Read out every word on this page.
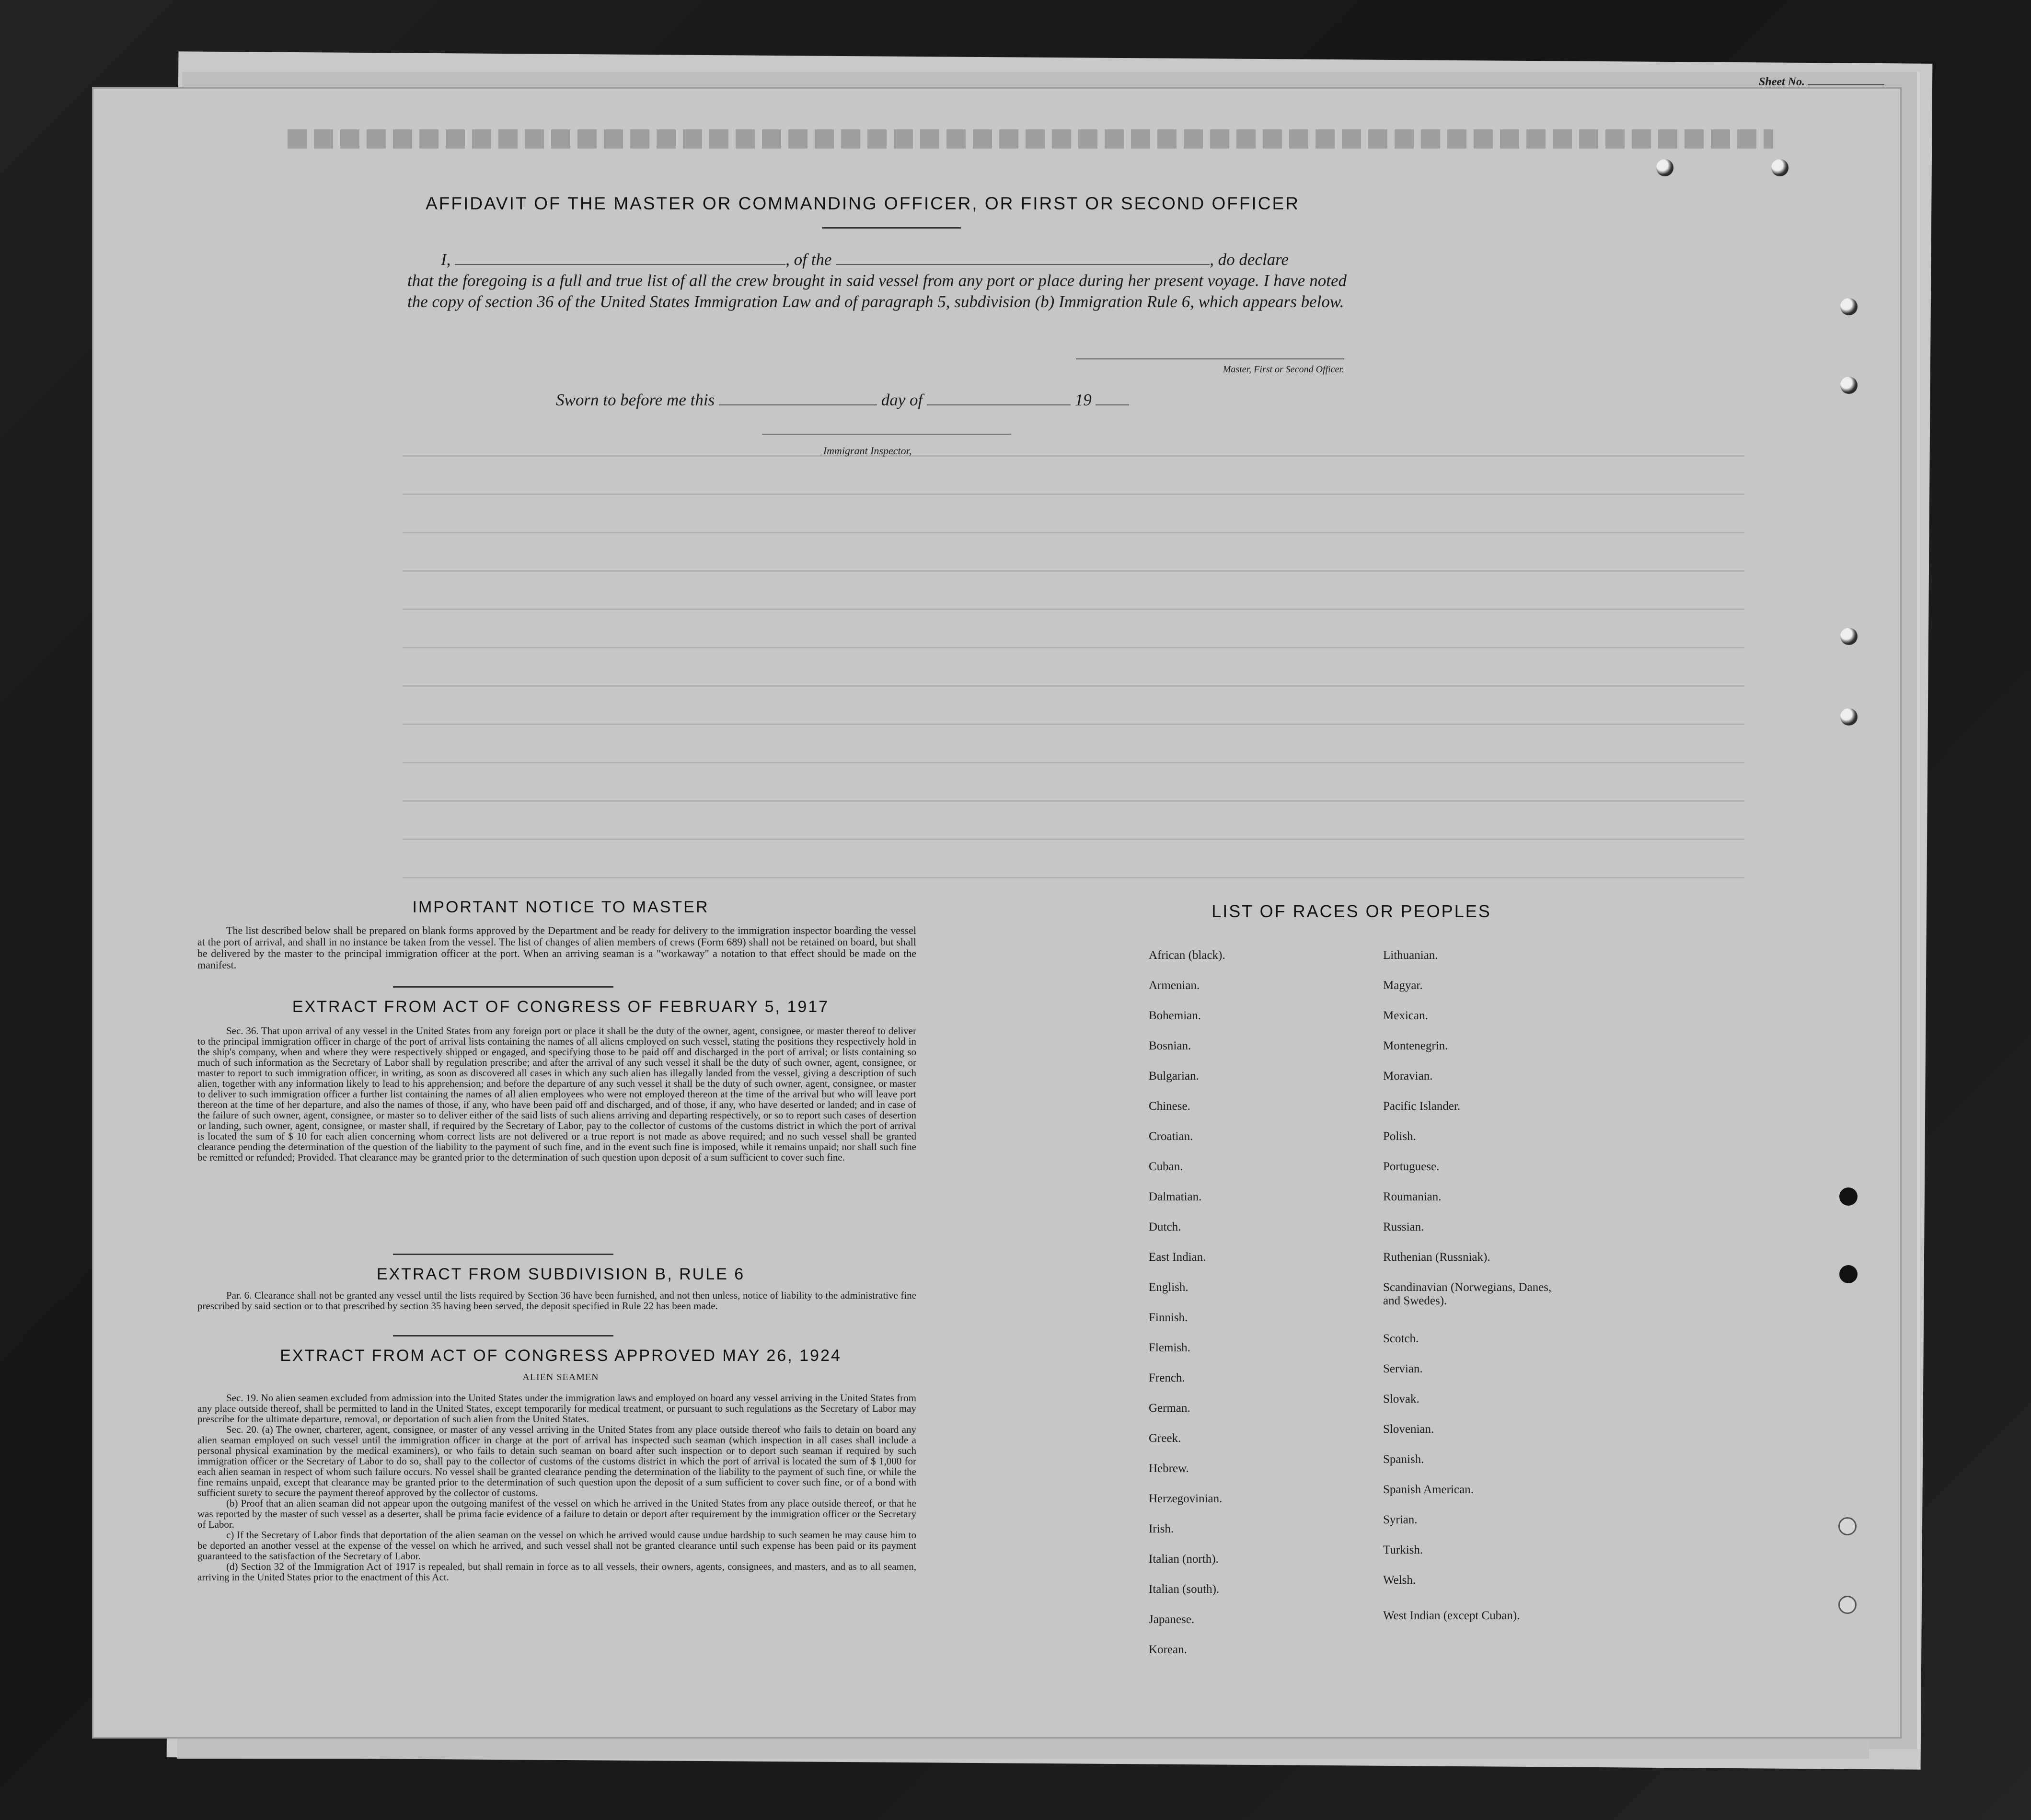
Sheet No.
AFFIDAVIT OF THE MASTER OR COMMANDING OFFICER, OR FIRST OR SECOND OFFICER
I,	, of the	, do declare
that the foregoing is a full and true list of all the crew brought in said vessel from any port or place during her present voyage. I have noted the copy of section 36 of the United States Immigration Law and of paragraph 5, subdivision (b) Immigration Rule 6, which appears below.
Master, First or Second Officer.
Sworn to before me this	day of	19
Immigrant Inspector,
IMPORTANT NOTICE TO MASTER
The list described below shall be prepared on blank forms approved by the Department and be ready for delivery to the immigration inspector boarding the vessel at the port of arrival, and shall in no instance be taken from the vessel. The list of changes of alien members of crews (Form 689) shall not be retained on board, but shall be delivered by the master to the principal immigration officer at the port. When an arriving seaman is a "workaway" a notation to that effect should be made on the manifest.
EXTRACT FROM ACT OF CONGRESS OF FEBRUARY 5, 1917

Sec. 36. That upon arrival of any vessel in the United States from any foreign port or place it shall be the duty of the owner, agent, consignee, or master thereof to deliver to the principal immigration officer in charge of the port of arrival lists containing the names of all aliens employed on such vessel, stating the positions they respectively hold in the ship's company, when and where they were respectively shipped or engaged, and specifying those to be paid off and discharged in the port of arrival; or lists containing so much of such information as the Secretary of Labor shall by regulation prescribe; and after the arrival of any such vessel it shall be the duty of such owner, agent, consignee, or master to report to such immigration officer, in writing, as soon as discovered all cases in which any such alien has illegally landed from the vessel, giving a description of such alien, together with any information likely to lead to his apprehension; and before the departure of any such vessel it shall be the duty of such owner, agent, consignee, or master to deliver to such immigration officer a further list containing the names of all alien employees who were not employed thereon at the time of the arrival but who will leave port thereon at the time of her departure, and also the names of those, if any, who have been paid off and discharged, and of those, if any, who have deserted or landed; and in case of the failure of such owner, agent, consignee, or master so to deliver either of the said lists of such aliens arriving and departing respectively, or so to report such cases of desertion or landing, such owner, agent, consignee, or master shall, if required by the Secretary of Labor, pay to the collector of customs of the customs district in which the port of arrival is located the sum of $ 10 for each alien concerning whom correct lists are not delivered or a true report is not made as above required; and no such vessel shall be granted clearance pending the determination of the question of the liability to the payment of such fine, and in the event such fine is imposed, while it remains unpaid; nor shall such fine be remitted or refunded; Provided. That clearance may be granted prior to the determination of such question upon deposit of a sum sufficient to cover such fine.

EXTRACT FROM SUBDIVISION B, RULE 6

Par. 6. Clearance shall not be granted any vessel until the lists required by Section 36 have been furnished, and not then unless, notice of liability to the administrative fine prescribed by said section or to that prescribed by section 35 having been served, the deposit specified in Rule 22 has been made.

EXTRACT FROM ACT OF CONGRESS APPROVED MAY 26, 1924
ALIEN SEAMEN

Sec. 19. No alien seamen excluded from admission into the United States under the immigration laws and employed on board any vessel arriving in the United States from any place outside thereof, shall be permitted to land in the United States, except temporarily for medical treatment, or pursuant to such regulations as the Secretary of Labor may prescribe for the ultimate departure, removal, or deportation of such alien from the United States.

Sec. 20. (a) The owner, charterer, agent, consignee, or master of any vessel arriving in the United States from any place outside thereof who fails to detain on board any alien seaman employed on such vessel until the immigration officer in charge at the port of arrival has inspected such seaman (which inspection in all cases shall include a personal physical examination by the medical examiners), or who fails to detain such seaman on board after such inspection or to deport such seaman if required by such immigration officer or the Secretary of Labor to do so, shall pay to the collector of customs of the customs district in which the port of arrival is located the sum of $ 1,000 for each alien seaman in respect of whom such failure occurs. No vessel shall be granted clearance pending the determination of the liability to the payment of such fine, or while the fine remains unpaid, except that clearance may be granted prior to the determination of such question upon the deposit of a sum sufficient to cover such fine, or of a bond with sufficient surety to secure the payment thereof approved by the collector of customs.

(b) Proof that an alien seaman did not appear upon the outgoing manifest of the vessel on which he arrived in the United States from any place outside thereof, or that he was reported by the master of such vessel as a deserter, shall be prima facie evidence of a failure to detain or deport after requirement by the immigration officer or the Secretary of Labor.

c) If the Secretary of Labor finds that deportation of the alien seaman on the vessel on which he arrived would cause undue hardship to such seamen he may cause him to be deported an another vessel at the expense of the vessel on which he arrived, and such vessel shall not be granted clearance until such expense has been paid or its payment guaranteed to the satisfaction of the Secretary of Labor.

(d) Section 32 of the Immigration Act of 1917 is repealed, but shall remain in force as to all vessels, their owners, agents, consignees, and masters, and as to all seamen, arriving in the United States prior to the enactment of this Act.

LIST OF RACES OR PEOPLES
African (black).
Armenian.
Bohemian.
Bosnian.
Bulgarian.
Chinese.
Croatian.
Cuban.
Dalmatian.
Dutch.
East Indian.
English.
Finnish.
Flemish.
French.
German.
Greek.
Hebrew.
Herzegovinian.
Irish.
Italian (north).
Italian (south).
Japanese.
Korean.
Lithuanian.
Magyar.
Mexican.
Montenegrin.
Moravian.
Pacific Islander.
Polish.
Portuguese.
Roumanian.
Russian.
Ruthenian (Russniak).
Scandinavian (Norwegians, Danes, and Swedes).
Scotch.
Servian.
Slovak.
Slovenian.
Spanish.
Spanish American.
Syrian.
Turkish.
Welsh.
West Indian (except Cuban).
